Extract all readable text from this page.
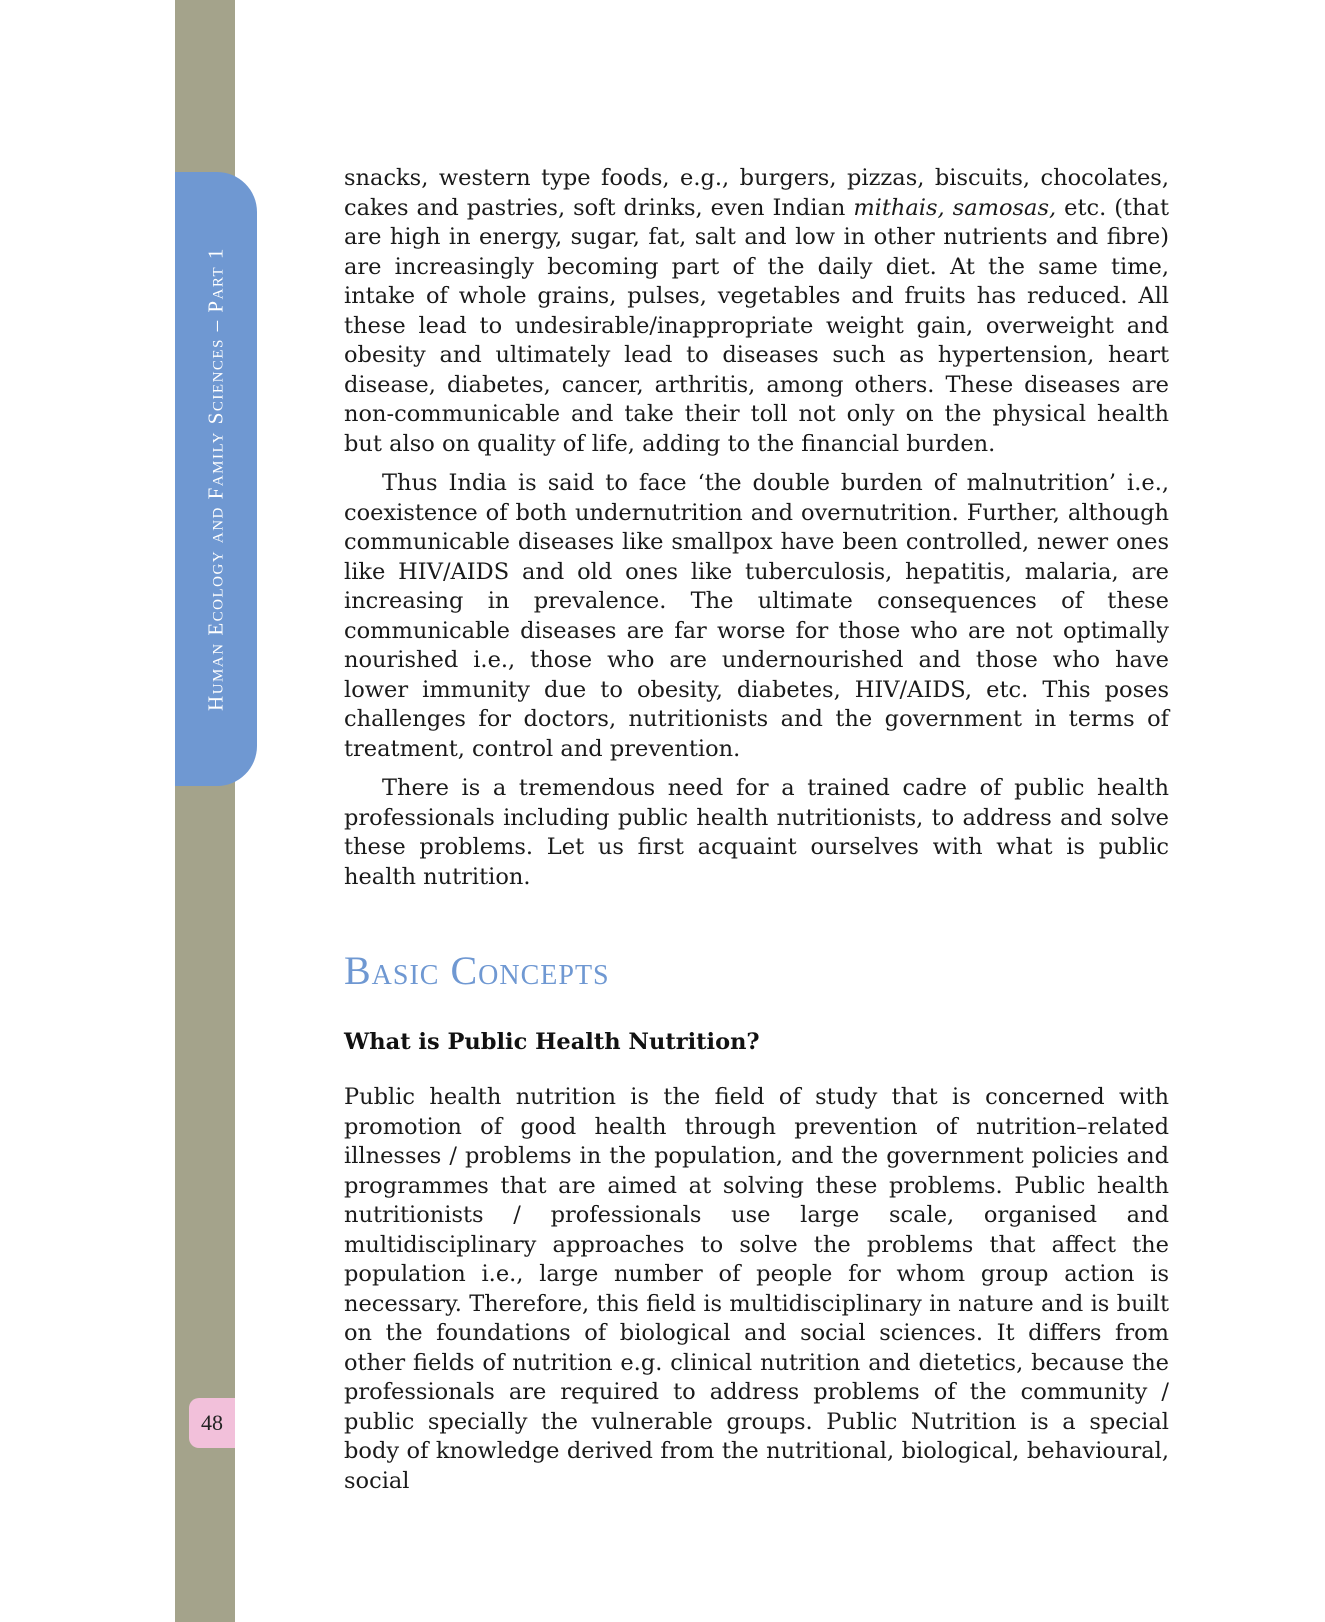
Human Ecology and Family Sciences – Part 1
48

snacks, western type foods, e.g., burgers, pizzas, biscuits, chocolates, cakes and pastries, soft drinks, even Indian mithais, samosas, etc. (that are high in energy, sugar, fat, salt and low in other nutrients and fibre) are increasingly becoming part of the daily diet. At the same time, intake of whole grains, pulses, vegetables and fruits has reduced. All these lead to undesirable/inappropriate weight gain, overweight and obesity and ultimately lead to diseases such as hypertension, heart disease, diabetes, cancer, arthritis, among others. These diseases are non-communicable and take their toll not only on the physical health but also on quality of life, adding to the financial burden.

Thus India is said to face ‘the double burden of malnutrition’ i.e., coexistence of both undernutrition and overnutrition. Further, although communicable diseases like smallpox have been controlled, newer ones like HIV/AIDS and old ones like tuberculosis, hepatitis, malaria, are increasing in prevalence. The ultimate consequences of these communicable diseases are far worse for those who are not optimally nourished i.e., those who are undernourished and those who have lower immunity due to obesity, diabetes, HIV/AIDS, etc. This poses challenges for doctors, nutritionists and the government in terms of treatment, control and prevention.

There is a tremendous need for a trained cadre of public health professionals including public health nutritionists, to address and solve these problems. Let us first acquaint ourselves with what is public health nutrition.

Basic Concepts
What is Public Health Nutrition?

Public health nutrition is the field of study that is concerned with promotion of good health through prevention of nutrition–related illnesses / problems in the population, and the government policies and programmes that are aimed at solving these problems. Public health nutritionists / professionals use large scale, organised and multidisciplinary approaches to solve the problems that affect the population i.e., large number of people for whom group action is necessary. Therefore, this field is multidisciplinary in nature and is built on the foundations of biological and social sciences. It differs from other fields of nutrition e.g. clinical nutrition and dietetics, because the professionals are required to address problems of the community / public specially the vulnerable groups. Public Nutrition is a special body of knowledge derived from the nutritional, biological, behavioural, social
